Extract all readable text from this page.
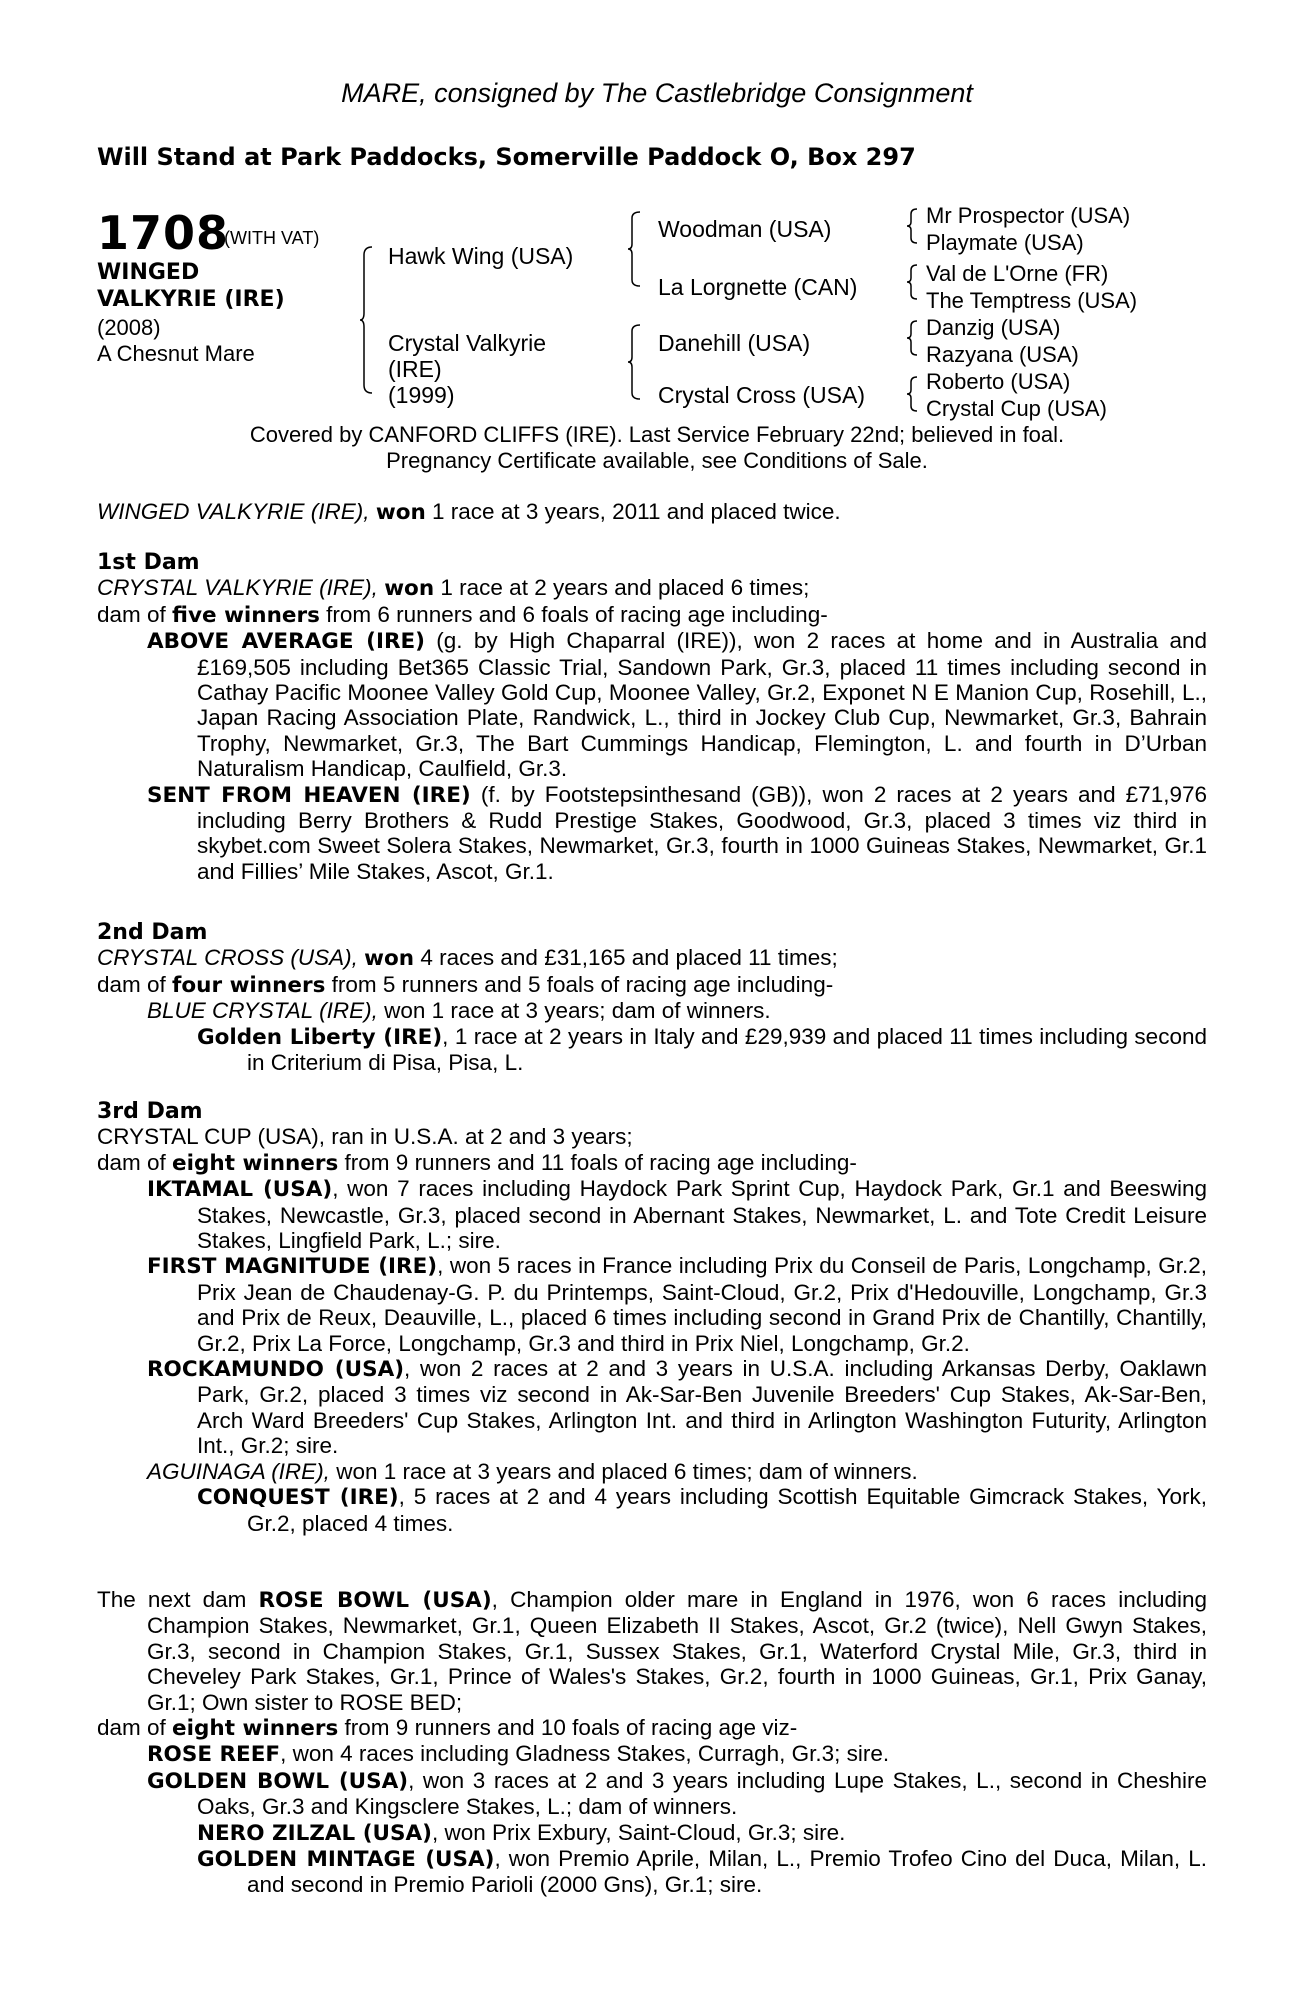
MARE, consigned by The Castlebridge Consignment
Will Stand at Park Paddocks, Somerville Paddock O, Box 297
1708
(WITH VAT)
WINGED
VALKYRIE (IRE)
(2008)
A Chesnut Mare
Hawk Wing (USA)
Crystal Valkyrie
(IRE)
(1999)
Woodman (USA)
La Lorgnette (CAN)
Danehill (USA)
Crystal Cross (USA)
Mr Prospector (USA)
Playmate (USA)
Val de L'Orne (FR)
The Temptress (USA)
Danzig (USA)
Razyana (USA)
Roberto (USA)
Crystal Cup (USA)
Covered by CANFORD CLIFFS (IRE). Last Service February 22nd; believed in foal.
Pregnancy Certificate available, see Conditions of Sale.

WINGED VALKYRIE (IRE), won 1 race at 3 years, 2011 and placed twice.

1st Dam

CRYSTAL VALKYRIE (IRE), won 1 race at 2 years and placed 6 times;

dam of five winners from 6 runners and 6 foals of racing age including-

ABOVE AVERAGE (IRE) (g. by High Chaparral (IRE)), won 2 races at home and in Australia and £169,505 including Bet365 Classic Trial, Sandown Park, Gr.3, placed 11 times including second in Cathay Pacific Moonee Valley Gold Cup, Moonee Valley, Gr.2, Exponet N E Manion Cup, Rosehill, L., Japan Racing Association Plate, Randwick, L., third in Jockey Club Cup, Newmarket, Gr.3, Bahrain Trophy, Newmarket, Gr.3, The Bart Cummings Handicap, Flemington, L. and fourth in D’Urban Naturalism Handicap, Caulfield, Gr.3.

SENT FROM HEAVEN (IRE) (f. by Footstepsinthesand (GB)), won 2 races at 2 years and £71,976 including Berry Brothers & Rudd Prestige Stakes, Goodwood, Gr.3, placed 3 times viz third in skybet.com Sweet Solera Stakes, Newmarket, Gr.3, fourth in 1000 Guineas Stakes, Newmarket, Gr.1 and Fillies’ Mile Stakes, Ascot, Gr.1.

2nd Dam

CRYSTAL CROSS (USA), won 4 races and £31,165 and placed 11 times;

dam of four winners from 5 runners and 5 foals of racing age including-

BLUE CRYSTAL (IRE), won 1 race at 3 years; dam of winners.

Golden Liberty (IRE), 1 race at 2 years in Italy and £29,939 and placed 11 times including second in Criterium di Pisa, Pisa, L.

3rd Dam

CRYSTAL CUP (USA), ran in U.S.A. at 2 and 3 years;

dam of eight winners from 9 runners and 11 foals of racing age including-

IKTAMAL (USA), won 7 races including Haydock Park Sprint Cup, Haydock Park, Gr.1 and Beeswing Stakes, Newcastle, Gr.3, placed second in Abernant Stakes, Newmarket, L. and Tote Credit Leisure Stakes, Lingfield Park, L.; sire.

FIRST MAGNITUDE (IRE), won 5 races in France including Prix du Conseil de Paris, Longchamp, Gr.2, Prix Jean de Chaudenay-G. P. du Printemps, Saint-Cloud, Gr.2, Prix d'Hedouville, Longchamp, Gr.3 and Prix de Reux, Deauville, L., placed 6 times including second in Grand Prix de Chantilly, Chantilly, Gr.2, Prix La Force, Longchamp, Gr.3 and third in Prix Niel, Longchamp, Gr.2.

ROCKAMUNDO (USA), won 2 races at 2 and 3 years in U.S.A. including Arkansas Derby, Oaklawn Park, Gr.2, placed 3 times viz second in Ak-Sar-Ben Juvenile Breeders' Cup Stakes, Ak-Sar-Ben, Arch Ward Breeders' Cup Stakes, Arlington Int. and third in Arlington Washington Futurity, Arlington Int., Gr.2; sire.

AGUINAGA (IRE), won 1 race at 3 years and placed 6 times; dam of winners.

CONQUEST (IRE), 5 races at 2 and 4 years including Scottish Equitable Gimcrack Stakes, York, Gr.2, placed 4 times.

The next dam ROSE BOWL (USA), Champion older mare in England in 1976, won 6 races including Champion Stakes, Newmarket, Gr.1, Queen Elizabeth II Stakes, Ascot, Gr.2 (twice), Nell Gwyn Stakes, Gr.3, second in Champion Stakes, Gr.1, Sussex Stakes, Gr.1, Waterford Crystal Mile, Gr.3, third in Cheveley Park Stakes, Gr.1, Prince of Wales's Stakes, Gr.2, fourth in 1000 Guineas, Gr.1, Prix Ganay, Gr.1; Own sister to ROSE BED;

dam of eight winners from 9 runners and 10 foals of racing age viz-

ROSE REEF, won 4 races including Gladness Stakes, Curragh, Gr.3; sire.

GOLDEN BOWL (USA), won 3 races at 2 and 3 years including Lupe Stakes, L., second in Cheshire Oaks, Gr.3 and Kingsclere Stakes, L.; dam of winners.

NERO ZILZAL (USA), won Prix Exbury, Saint-Cloud, Gr.3; sire.

GOLDEN MINTAGE (USA), won Premio Aprile, Milan, L., Premio Trofeo Cino del Duca, Milan, L. and second in Premio Parioli (2000 Gns), Gr.1; sire.
